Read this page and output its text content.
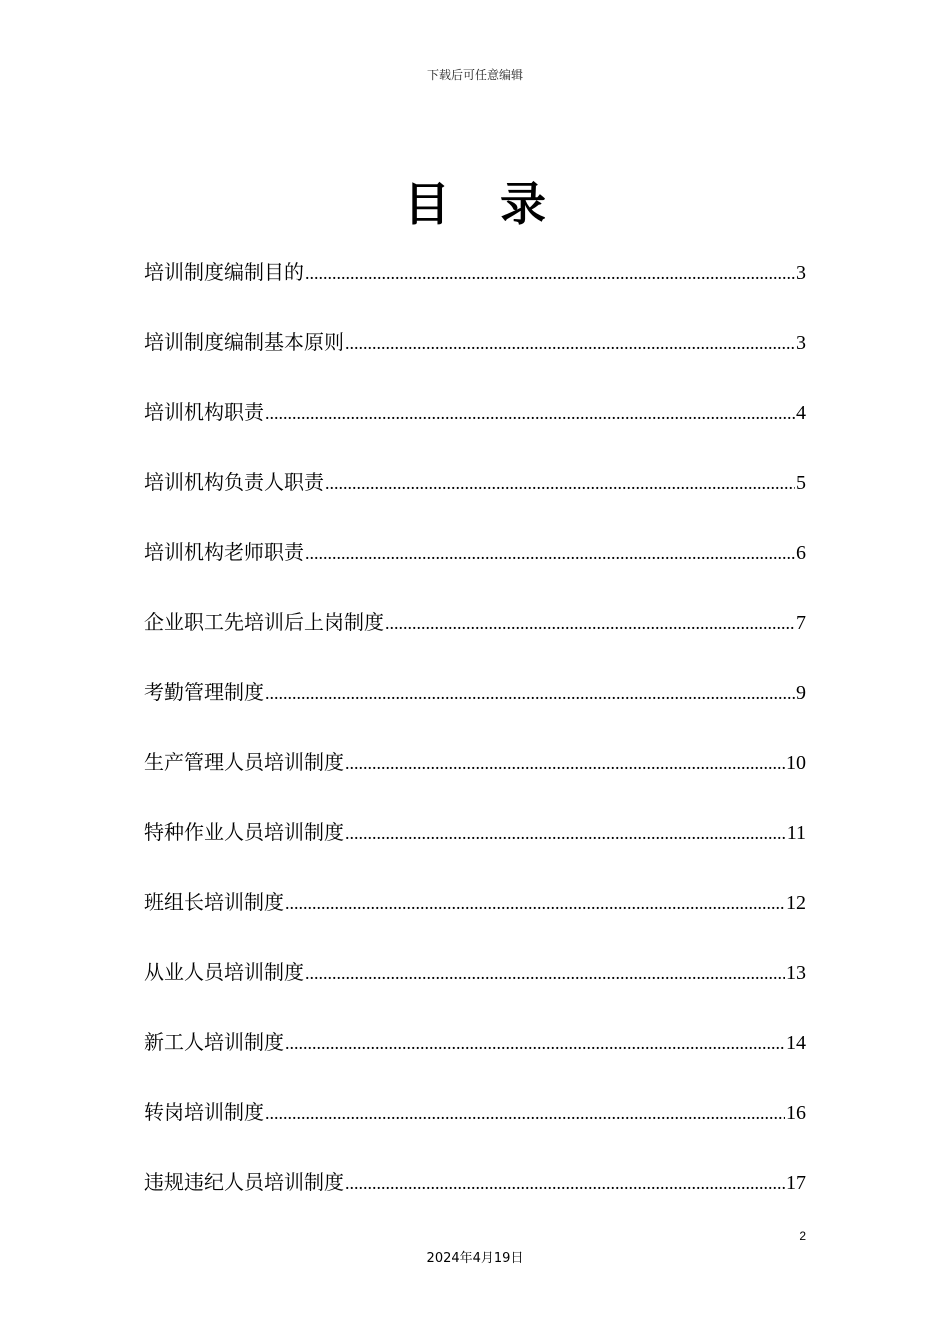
下载后可任意编辑
目录
培训制度编制目的 .....	3
培训制度编制基本原则 .....	3
培训机构职责 .....	4
培训机构负责人职责 .....	5
培训机构老师职责 .....	6
企业职工先培训后上岗制度 .....	7
考勤管理制度 .....	9
生产管理人员培训制度 .....	10
特种作业人员培训制度 .....	11
班组长培训制度 .....	12
从业人员培训制度 .....	13
新工人培训制度 .....	14
转岗培训制度 .....	16
违规违纪人员培训制度 .....	17
2
2024年4月19日
